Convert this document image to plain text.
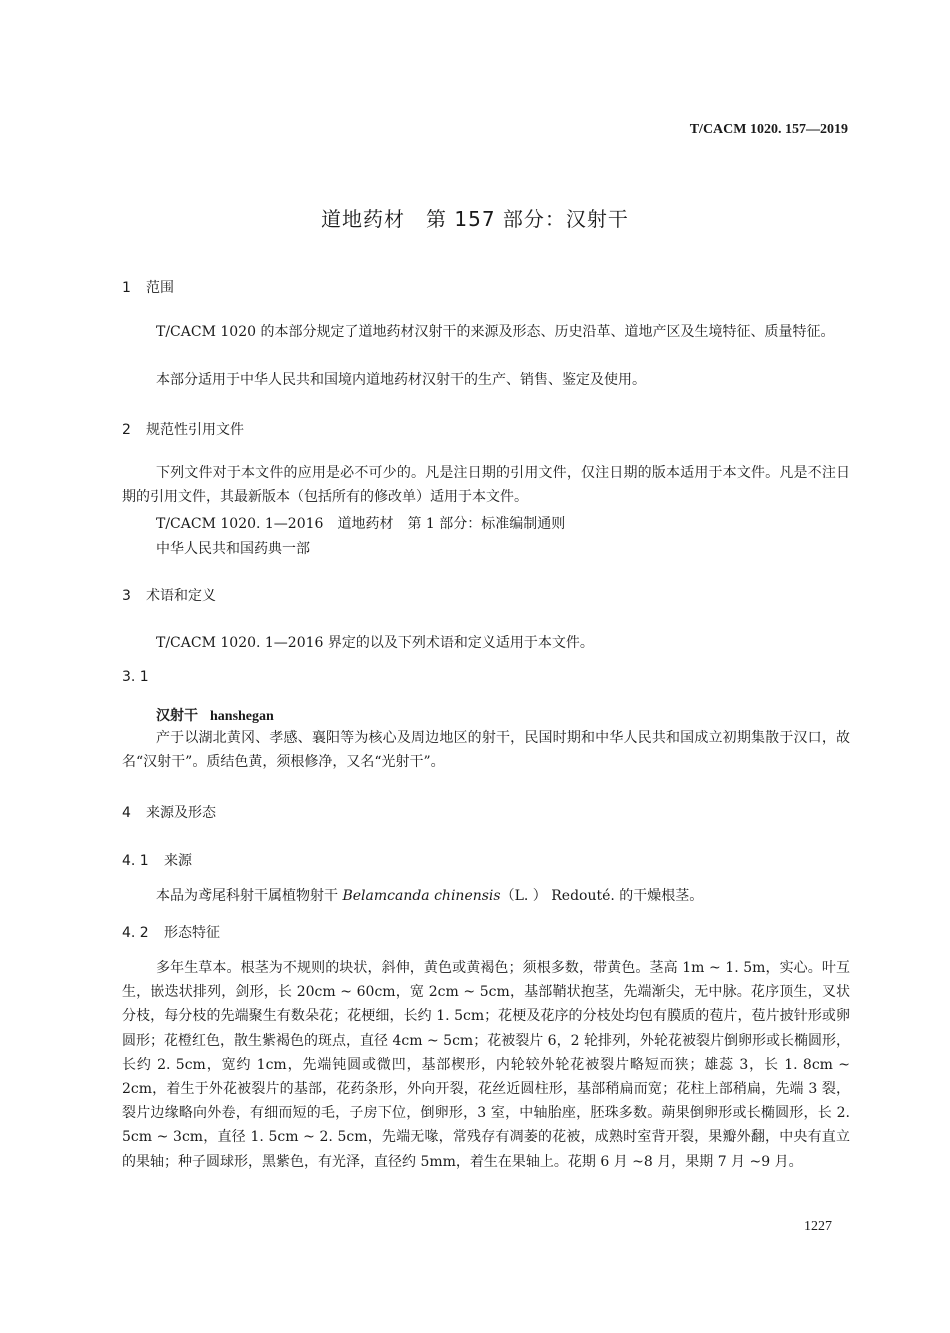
T/CACM 1020. 157—2019
道地药材　第 157 部分：汉射干
1 范围
T/CACM 1020 的本部分规定了道地药材汉射干的来源及形态、历史沿革、道地产区及生境特征、质量特征。
本部分适用于中华人民共和国境内道地药材汉射干的生产、销售、鉴定及使用。
2 规范性引用文件
下列文件对于本文件的应用是必不可少的。凡是注日期的引用文件，仅注日期的版本适用于本文件。凡是不注日期的引用文件，其最新版本（包括所有的修改单）适用于本文件。
T/CACM 1020. 1—2016　道地药材　第 1 部分：标准编制通则
中华人民共和国药典一部
3 术语和定义
T/CACM 1020. 1—2016 界定的以及下列术语和定义适用于本文件。
3. 1
汉射干 hanshegan
产于以湖北黄冈、孝感、襄阳等为核心及周边地区的射干，民国时期和中华人民共和国成立初期集散于汉口，故名“汉射干”。质结色黄，须根修净，又名“光射干”。
4 来源及形态
4. 1 来源
本品为鸢尾科射干属植物射干 Belamcanda chinensis（L. ） Redouté. 的干燥根茎。
4. 2 形态特征
多年生草本。根茎为不规则的块状，斜伸，黄色或黄褐色；须根多数，带黄色。茎高 1m ~ 1. 5m，实心。叶互生，嵌迭状排列，剑形，长 20cm ~ 60cm，宽 2cm ~ 5cm，基部鞘状抱茎，先端渐尖，无中脉。花序顶生，叉状分枝，每分枝的先端聚生有数朵花；花梗细，长约 1. 5cm；花梗及花序的分枝处均包有膜质的苞片，苞片披针形或卵圆形；花橙红色，散生紫褐色的斑点，直径 4cm ~ 5cm；花被裂片 6，2 轮排列，外轮花被裂片倒卵形或长椭圆形，长约 2. 5cm，宽约 1cm，先端钝圆或微凹，基部楔形，内轮较外轮花被裂片略短而狭；雄蕊 3，长 1. 8cm ~ 2cm，着生于外花被裂片的基部，花药条形，外向开裂，花丝近圆柱形，基部稍扁而宽；花柱上部稍扁，先端 3 裂，裂片边缘略向外卷，有细而短的毛，子房下位，倒卵形，3 室，中轴胎座，胚珠多数。蒴果倒卵形或长椭圆形，长 2. 5cm ~ 3cm，直径 1. 5cm ~ 2. 5cm，先端无喙，常残存有凋萎的花被，成熟时室背开裂，果瓣外翻，中央有直立的果轴；种子圆球形，黑紫色，有光泽，直径约 5mm，着生在果轴上。花期 6 月 ~8 月，果期 7 月 ~9 月。
1227
